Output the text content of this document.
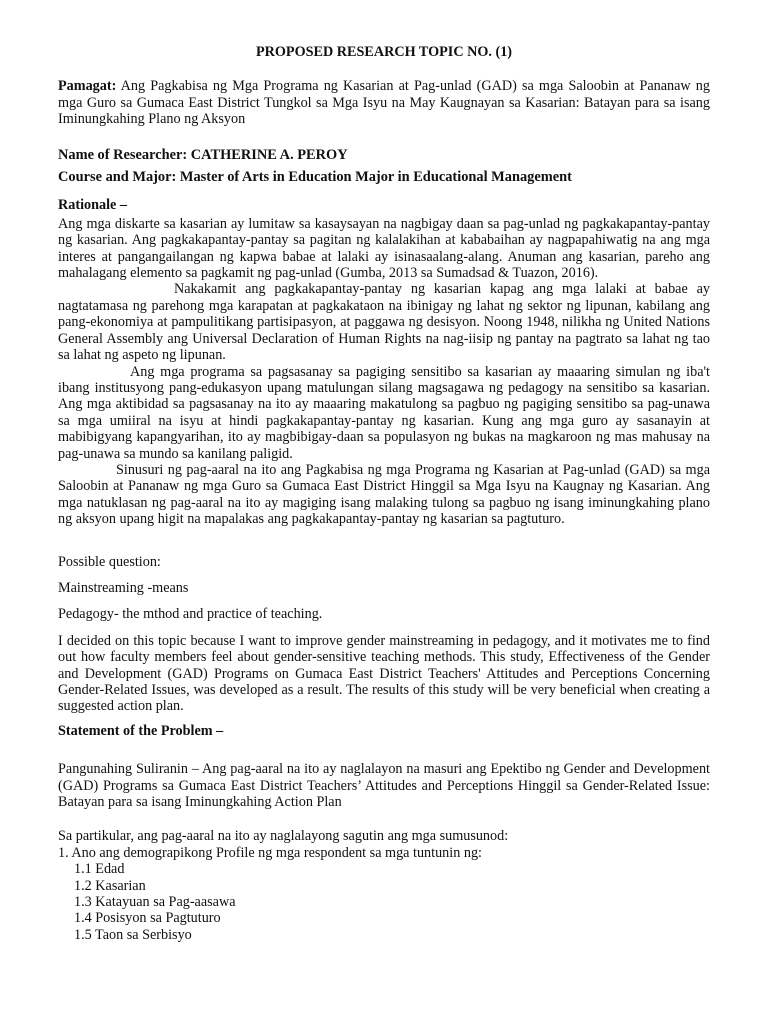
PROPOSED RESEARCH TOPIC NO. (1)

Pamagat: Ang Pagkabisa ng Mga Programa ng Kasarian at Pag-unlad (GAD) sa mga Saloobin at Pananaw ng mga Guro sa Gumaca East District Tungkol sa Mga Isyu na May Kaugnayan sa Kasarian: Batayan para sa isang Iminungkahing Plano ng Aksyon

Name of Researcher: CATHERINE A. PEROY
Course and Major: Master of Arts in Education Major in Educational Management
Rationale –

Ang mga diskarte sa kasarian ay lumitaw sa kasaysayan na nagbigay daan sa pag-unlad ng pagkakapantay-pantay ng kasarian. Ang pagkakapantay-pantay sa pagitan ng kalalakihan at kababaihan ay nagpapahiwatig na ang mga interes at pangangailangan ng kapwa babae at lalaki ay isinasaalang-alang. Anuman ang kasarian, pareho ang mahalagang elemento sa pagkamit ng pag-unlad (Gumba, 2013 sa Sumadsad & Tuazon, 2016).

Nakakamit ang pagkakapantay-pantay ng kasarian kapag ang mga lalaki at babae ay nagtatamasa ng parehong mga karapatan at pagkakataon na ibinigay ng lahat ng sektor ng lipunan, kabilang ang pang-ekonomiya at pampulitikang partisipasyon, at paggawa ng desisyon. Noong 1948, nilikha ng United Nations General Assembly ang Universal Declaration of Human Rights na nag-iisip ng pantay na pagtrato sa lahat ng tao sa lahat ng aspeto ng lipunan.

Ang mga programa sa pagsasanay sa pagiging sensitibo sa kasarian ay maaaring simulan ng iba't ibang institusyong pang-edukasyon upang matulungan silang magsagawa ng pedagogy na sensitibo sa kasarian. Ang mga aktibidad sa pagsasanay na ito ay maaaring makatulong sa pagbuo ng pagiging sensitibo sa pag-unawa sa mga umiiral na isyu at hindi pagkakapantay-pantay ng kasarian. Kung ang mga guro ay sasanayin at mabibigyang kapangyarihan, ito ay magbibigay-daan sa populasyon ng bukas na magkaroon ng mas mahusay na pag-unawa sa mundo sa kanilang paligid.

Sinusuri ng pag-aaral na ito ang Pagkabisa ng mga Programa ng Kasarian at Pag-unlad (GAD) sa mga Saloobin at Pananaw ng mga Guro sa Gumaca East District Hinggil sa Mga Isyu na Kaugnay ng Kasarian. Ang mga natuklasan ng pag-aaral na ito ay magiging isang malaking tulong sa pagbuo ng isang iminungkahing plano ng aksyon upang higit na mapalakas ang pagkakapantay-pantay ng kasarian sa pagtuturo.

Possible question:

Mainstreaming -means

Pedagogy- the mthod and practice of teaching.

I decided on this topic because I want to improve gender mainstreaming in pedagogy, and it motivates me to find out how faculty members feel about gender-sensitive teaching methods. This study, Effectiveness of the Gender and Development (GAD) Programs on Gumaca East District Teachers' Attitudes and Perceptions Concerning Gender-Related Issues, was developed as a result. The results of this study will be very beneficial when creating a suggested action plan.

Statement of the Problem –

Pangunahing Suliranin – Ang pag-aaral na ito ay naglalayon na masuri ang Epektibo ng Gender and Development (GAD) Programs sa Gumaca East District Teachers’ Attitudes and Perceptions Hinggil sa Gender-Related Issue: Batayan para sa isang Iminungkahing Action Plan

Sa partikular, ang pag-aaral na ito ay naglalayong sagutin ang mga sumusunod:

1. Ano ang demograpikong Profile ng mga respondent sa mga tuntunin ng:

1.1 Edad
1.2 Kasarian
1.3 Katayuan sa Pag-aasawa
1.4 Posisyon sa Pagtuturo
1.5 Taon sa Serbisyo
